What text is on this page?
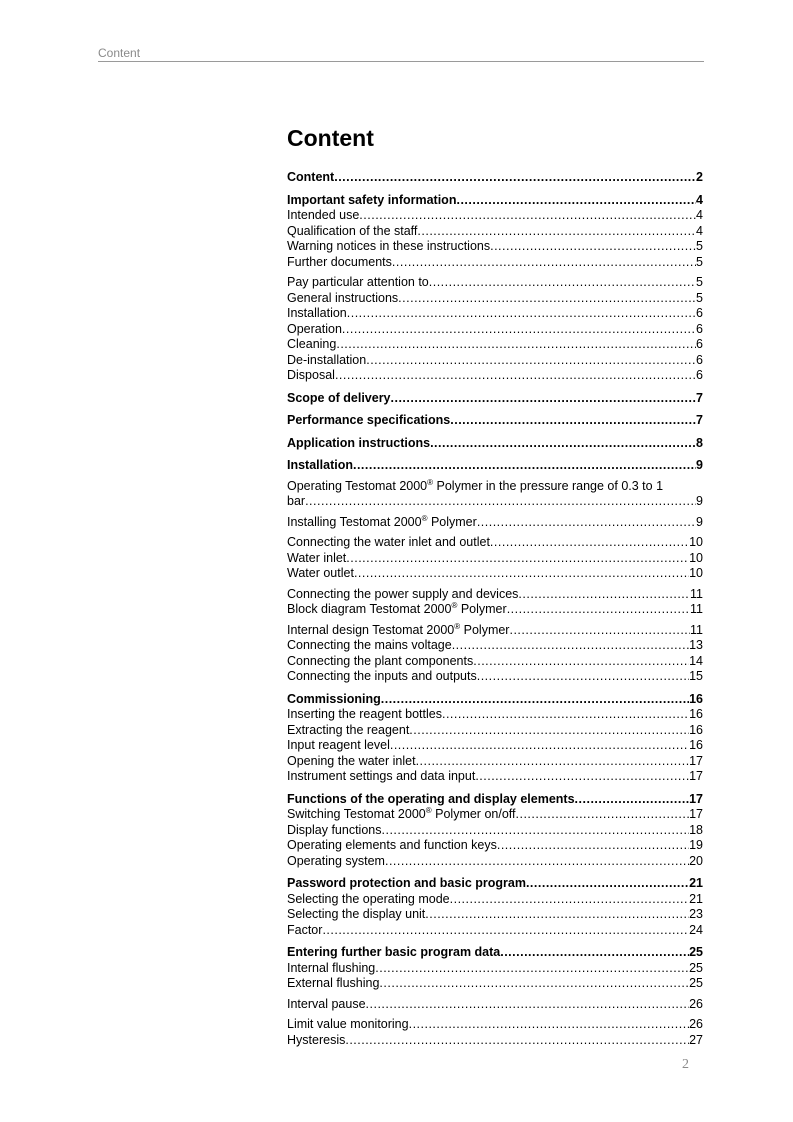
Content
Content
Content .....	2
Important safety information .....	4
Intended use .....	4
Qualification of the staff .....	4
Warning notices in these instructions .....	5
Further documents .....	5
Pay particular attention to .....	5
General instructions .....	5
Installation .....	6
Operation .....	6
Cleaning .....	6
De-installation .....	6
Disposal .....	6
Scope of delivery .....	7
Performance specifications .....	7
Application instructions .....	8
Installation .....	9
Operating Testomat 2000® Polymer in the pressure range of 0.3 to 1
bar .....	9
Installing Testomat 2000® Polymer .....	9
Connecting the water inlet and outlet .....	10
Water inlet .....	10
Water outlet .....	10
Connecting the power supply and devices .....	11
Block diagram Testomat 2000® Polymer .....	11
Internal design Testomat 2000® Polymer .....	11
Connecting the mains voltage .....	13
Connecting the plant components .....	14
Connecting the inputs and outputs .....	15
Commissioning .....	16
Inserting the reagent bottles .....	16
Extracting the reagent .....	16
Input reagent level .....	16
Opening the water inlet .....	17
Instrument settings and data input .....	17
Functions of the operating and display elements .....	17
Switching Testomat 2000® Polymer on/off .....	17
Display functions .....	18
Operating elements and function keys .....	19
Operating system .....	20
Password protection and basic program .....	21
Selecting the operating mode .....	21
Selecting the display unit .....	23
Factor .....	24
Entering further basic program data .....	25
Internal flushing .....	25
External flushing .....	25
Interval pause .....	26
Limit value monitoring .....	26
Hysteresis .....	27
2
